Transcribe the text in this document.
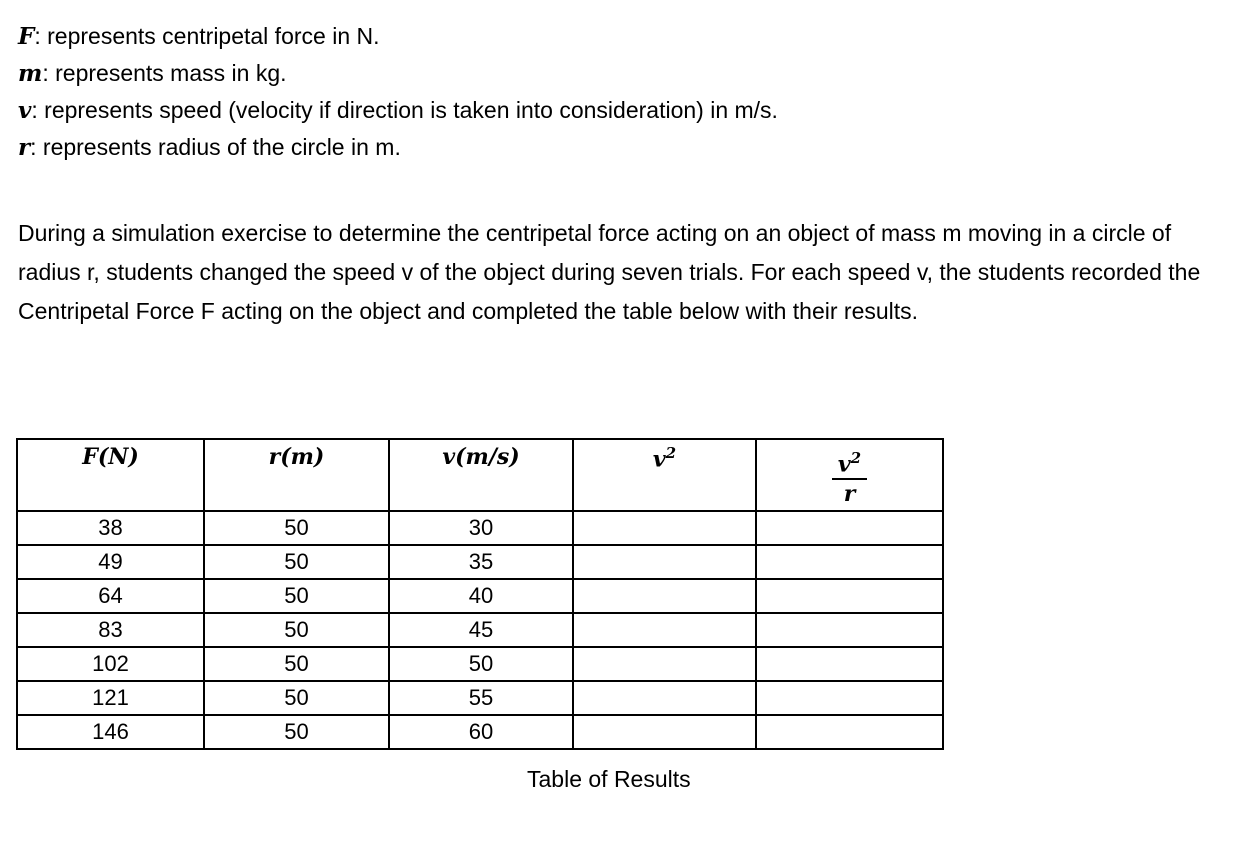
F: represents centripetal force in N.
m: represents mass in kg.
v: represents speed (velocity if direction is taken into consideration) in m/s.
r: represents radius of the circle in m.

During a simulation exercise to determine the centripetal force acting on an object of mass m moving in a circle of radius r, students changed the speed v of the object during seven trials. For each speed v, the students recorded the Centripetal Force F acting on the object and completed the table below with their results.

F(N)	r(m)	v(m/s)	$v^2$	$\frac{v^2}{r}$

38	50	30		
49	50	35		
64	50	40		
83	50	45		
102	50	50		
121	50	55		
146	50	60		
Table of Results
